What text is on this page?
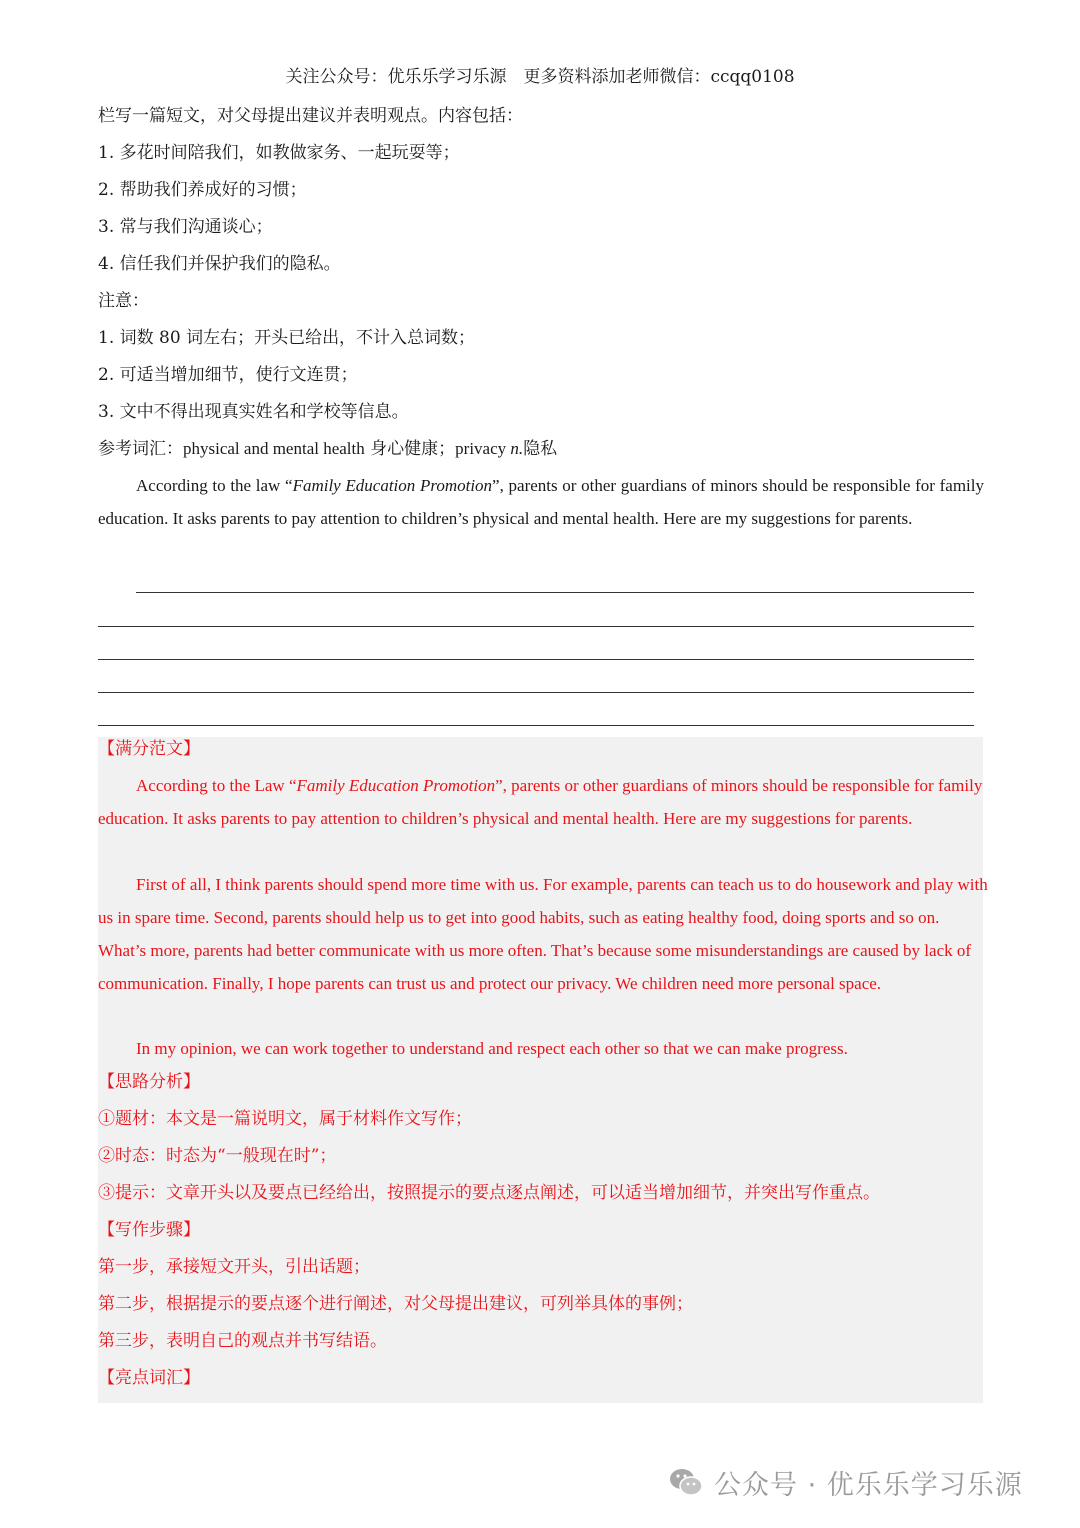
关注公众号：优乐乐学习乐源　更多资料添加老师微信：ccqq0108
栏写一篇短文，对父母提出建议并表明观点。内容包括：
1. 多花时间陪我们，如教做家务、一起玩耍等；
2. 帮助我们养成好的习惯；
3. 常与我们沟通谈心；
4. 信任我们并保护我们的隐私。
注意：
1. 词数 80 词左右；开头已给出，不计入总词数；
2. 可适当增加细节，使行文连贯；
3. 文中不得出现真实姓名和学校等信息。
参考词汇：physical and mental health 身心健康；privacy n.隐私
According to the law “Family Education Promotion”, parents or other guardians of minors should be responsible for family education. It asks parents to pay attention to children’s physical and mental health. Here are my suggestions for parents.
【满分范文】
According to the Law “Family Education Promotion”, parents or other guardians of minors should be responsible for family education. It asks parents to pay attention to children’s physical and mental health. Here are my suggestions for parents.
First of all, I think parents should spend more time with us. For example, parents can teach us to do housework and play with us in spare time. Second, parents should help us to get into good habits, such as eating healthy food, doing sports and so on. What’s more, parents had better communicate with us more often. That’s because some misunderstandings are caused by lack of communication. Finally, I hope parents can trust us and protect our privacy. We children need more personal space.
In my opinion, we can work together to understand and respect each other so that we can make progress.
【思路分析】
①题材：本文是一篇说明文，属于材料作文写作；
②时态：时态为“一般现在时”；
③提示：文章开头以及要点已经给出，按照提示的要点逐点阐述，可以适当增加细节，并突出写作重点。
【写作步骤】
第一步，承接短文开头，引出话题；
第二步，根据提示的要点逐个进行阐述，对父母提出建议，可列举具体的事例；
第三步，表明自己的观点并书写结语。
【亮点词汇】
公众号 · 优乐乐学习乐源
